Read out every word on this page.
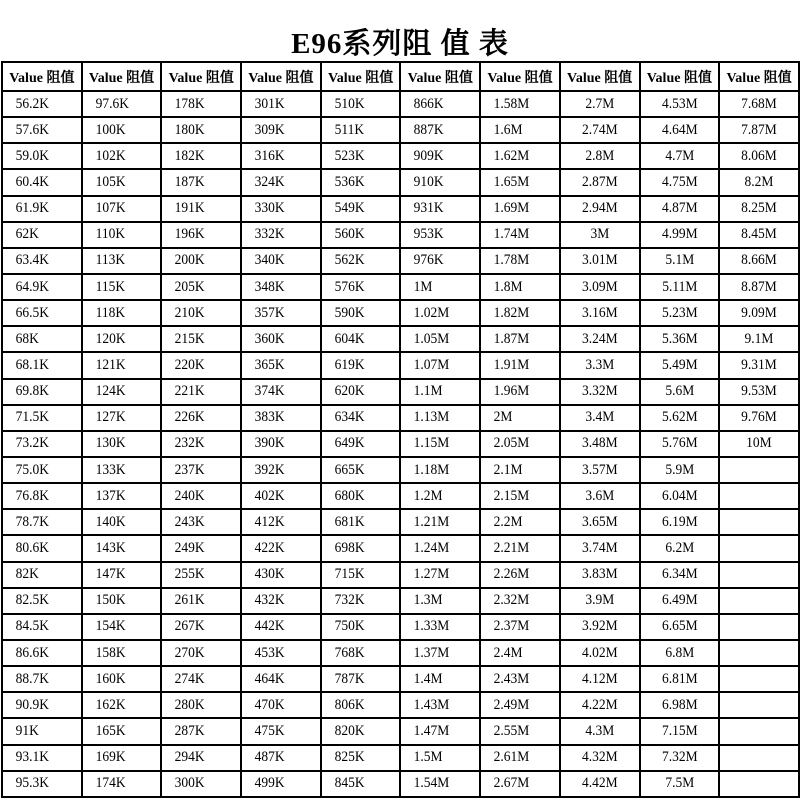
E96系列阻 值 表
Value 阻值	Value 阻值	Value 阻值	Value 阻值	Value 阻值	Value 阻值	Value 阻值	Value 阻值	Value 阻值	Value 阻值

56.2K	97.6K	178K	301K	510K	866K	1.58M	2.7M	4.53M	7.68M

57.6K	100K	180K	309K	511K	887K	1.6M	2.74M	4.64M	7.87M

59.0K	102K	182K	316K	523K	909K	1.62M	2.8M	4.7M	8.06M

60.4K	105K	187K	324K	536K	910K	1.65M	2.87M	4.75M	8.2M

61.9K	107K	191K	330K	549K	931K	1.69M	2.94M	4.87M	8.25M

62K	110K	196K	332K	560K	953K	1.74M	3M	4.99M	8.45M

63.4K	113K	200K	340K	562K	976K	1.78M	3.01M	5.1M	8.66M

64.9K	115K	205K	348K	576K	1M	1.8M	3.09M	5.11M	8.87M

66.5K	118K	210K	357K	590K	1.02M	1.82M	3.16M	5.23M	9.09M

68K	120K	215K	360K	604K	1.05M	1.87M	3.24M	5.36M	9.1M

68.1K	121K	220K	365K	619K	1.07M	1.91M	3.3M	5.49M	9.31M

69.8K	124K	221K	374K	620K	1.1M	1.96M	3.32M	5.6M	9.53M

71.5K	127K	226K	383K	634K	1.13M	2M	3.4M	5.62M	9.76M

73.2K	130K	232K	390K	649K	1.15M	2.05M	3.48M	5.76M	10M

75.0K	133K	237K	392K	665K	1.18M	2.1M	3.57M	5.9M	

76.8K	137K	240K	402K	680K	1.2M	2.15M	3.6M	6.04M	

78.7K	140K	243K	412K	681K	1.21M	2.2M	3.65M	6.19M	

80.6K	143K	249K	422K	698K	1.24M	2.21M	3.74M	6.2M	

82K	147K	255K	430K	715K	1.27M	2.26M	3.83M	6.34M	

82.5K	150K	261K	432K	732K	1.3M	2.32M	3.9M	6.49M	

84.5K	154K	267K	442K	750K	1.33M	2.37M	3.92M	6.65M	

86.6K	158K	270K	453K	768K	1.37M	2.4M	4.02M	6.8M	

88.7K	160K	274K	464K	787K	1.4M	2.43M	4.12M	6.81M	

90.9K	162K	280K	470K	806K	1.43M	2.49M	4.22M	6.98M	

91K	165K	287K	475K	820K	1.47M	2.55M	4.3M	7.15M	

93.1K	169K	294K	487K	825K	1.5M	2.61M	4.32M	7.32M	

95.3K	174K	300K	499K	845K	1.54M	2.67M	4.42M	7.5M	
